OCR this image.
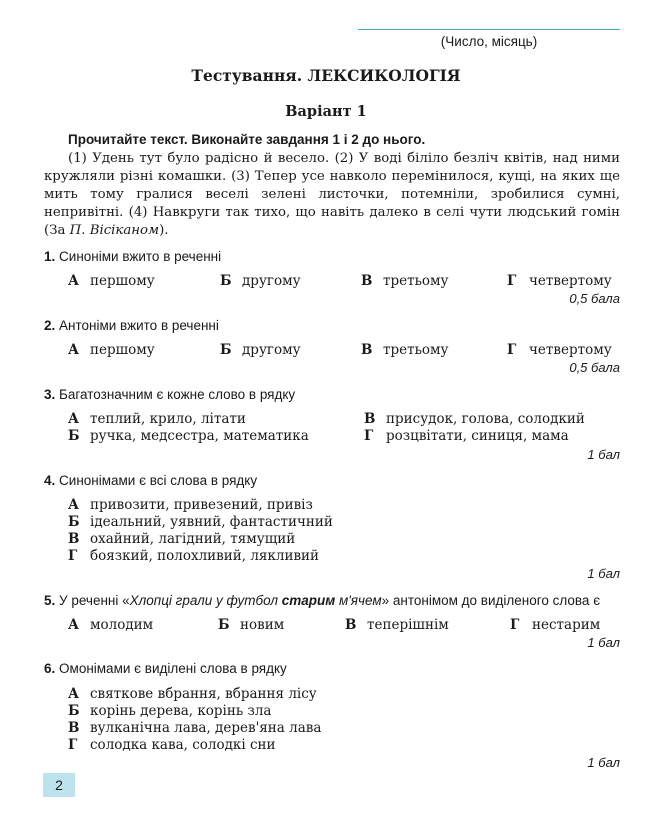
(Число, місяць)
Тестування. ЛЕКСИКОЛОГІЯ
Варіант 1
Прочитайте текст. Виконайте завдання 1 і 2 до нього.
(1) Удень тут було радісно й весело. (2) У воді біліло безліч квітів, над ними кружляли різні комашки. (3) Тепер усе навколо перемінилося, кущі, на яких ще мить тому гралися веселі зелені листочки, потемніли, зробилися сумні, непривітні. (4) Навкруги так тихо, що навіть далеко в селі чути людський гомін (За П. Вісіканом).
1. Синоніми вжито в реченні
А першому	Б другому	В третьому	Г четвертому
0,5 бала
2. Антоніми вжито в реченні
А першому	Б другому	В третьому	Г четвертому
0,5 бала
3. Багатозначним є кожне слово в рядку
А теплий, крило, літати
Б ручка, медсестра, математика
В присудок, голова, солодкий
Г розцвітати, синиця, мама
1 бал
4. Синонімами є всі слова в рядку
А привозити, привезений, привіз
Б ідеальний, уявний, фантастичний
В охайний, лагідний, тямущий
Г боязкий, полохливий, лякливий
1 бал
5. У реченні «Хлопці грали у футбол старим м'ячем» антонімом до виділеного слова є
А молодим	Б новим	В теперішнім	Г нестарим
1 бал
6. Омонімами є виділені слова в рядку
А святкове вбрання, вбрання лісу
Б корінь дерева, корінь зла
В вулканічна лава, дерев'яна лава
Г солодка кава, солодкі сни
1 бал
2
